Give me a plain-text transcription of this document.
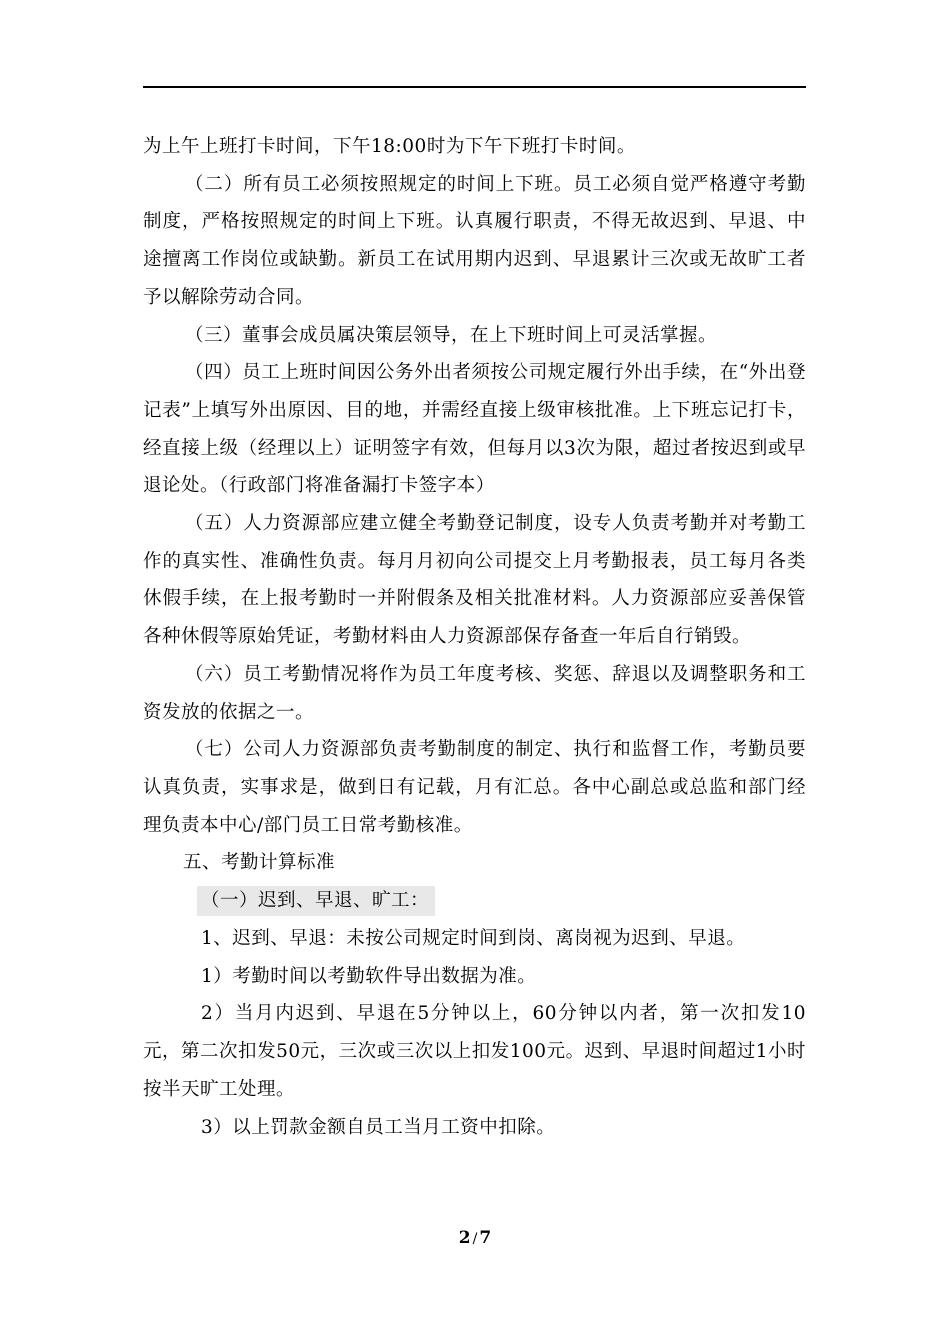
为上午上班打卡时间，下午18:00时为下午下班打卡时间。

（二）所有员工必须按照规定的时间上下班。员工必须自觉严格遵守考勤制度，严格按照规定的时间上下班。认真履行职责，不得无故迟到、早退、中途擅离工作岗位或缺勤。新员工在试用期内迟到、早退累计三次或无故旷工者予以解除劳动合同。

（三）董事会成员属决策层领导，在上下班时间上可灵活掌握。

（四）员工上班时间因公务外出者须按公司规定履行外出手续，在“外出登记表”上填写外出原因、目的地，并需经直接上级审核批准。上下班忘记打卡，经直接上级（经理以上）证明签字有效，但每月以3次为限，超过者按迟到或早退论处。（行政部门将准备漏打卡签字本）

（五）人力资源部应建立健全考勤登记制度，设专人负责考勤并对考勤工作的真实性、准确性负责。每月月初向公司提交上月考勤报表，员工每月各类休假手续，在上报考勤时一并附假条及相关批准材料。人力资源部应妥善保管各种休假等原始凭证，考勤材料由人力资源部保存备查一年后自行销毁。

（六）员工考勤情况将作为员工年度考核、奖惩、辞退以及调整职务和工资发放的依据之一。

（七）公司人力资源部负责考勤制度的制定、执行和监督工作，考勤员要认真负责，实事求是，做到日有记载，月有汇总。各中心副总或总监和部门经理负责本中心/部门员工日常考勤核准。

五、考勤计算标准

（一）迟到、早退、旷工：

1、迟到、早退：未按公司规定时间到岗、离岗视为迟到、早退。

1）考勤时间以考勤软件导出数据为准。

2）当月内迟到、早退在5分钟以上，60分钟以内者，第一次扣发10元，第二次扣发50元，三次或三次以上扣发100元。迟到、早退时间超过1小时按半天旷工处理。

3）以上罚款金额自员工当月工资中扣除。

2 / 7
